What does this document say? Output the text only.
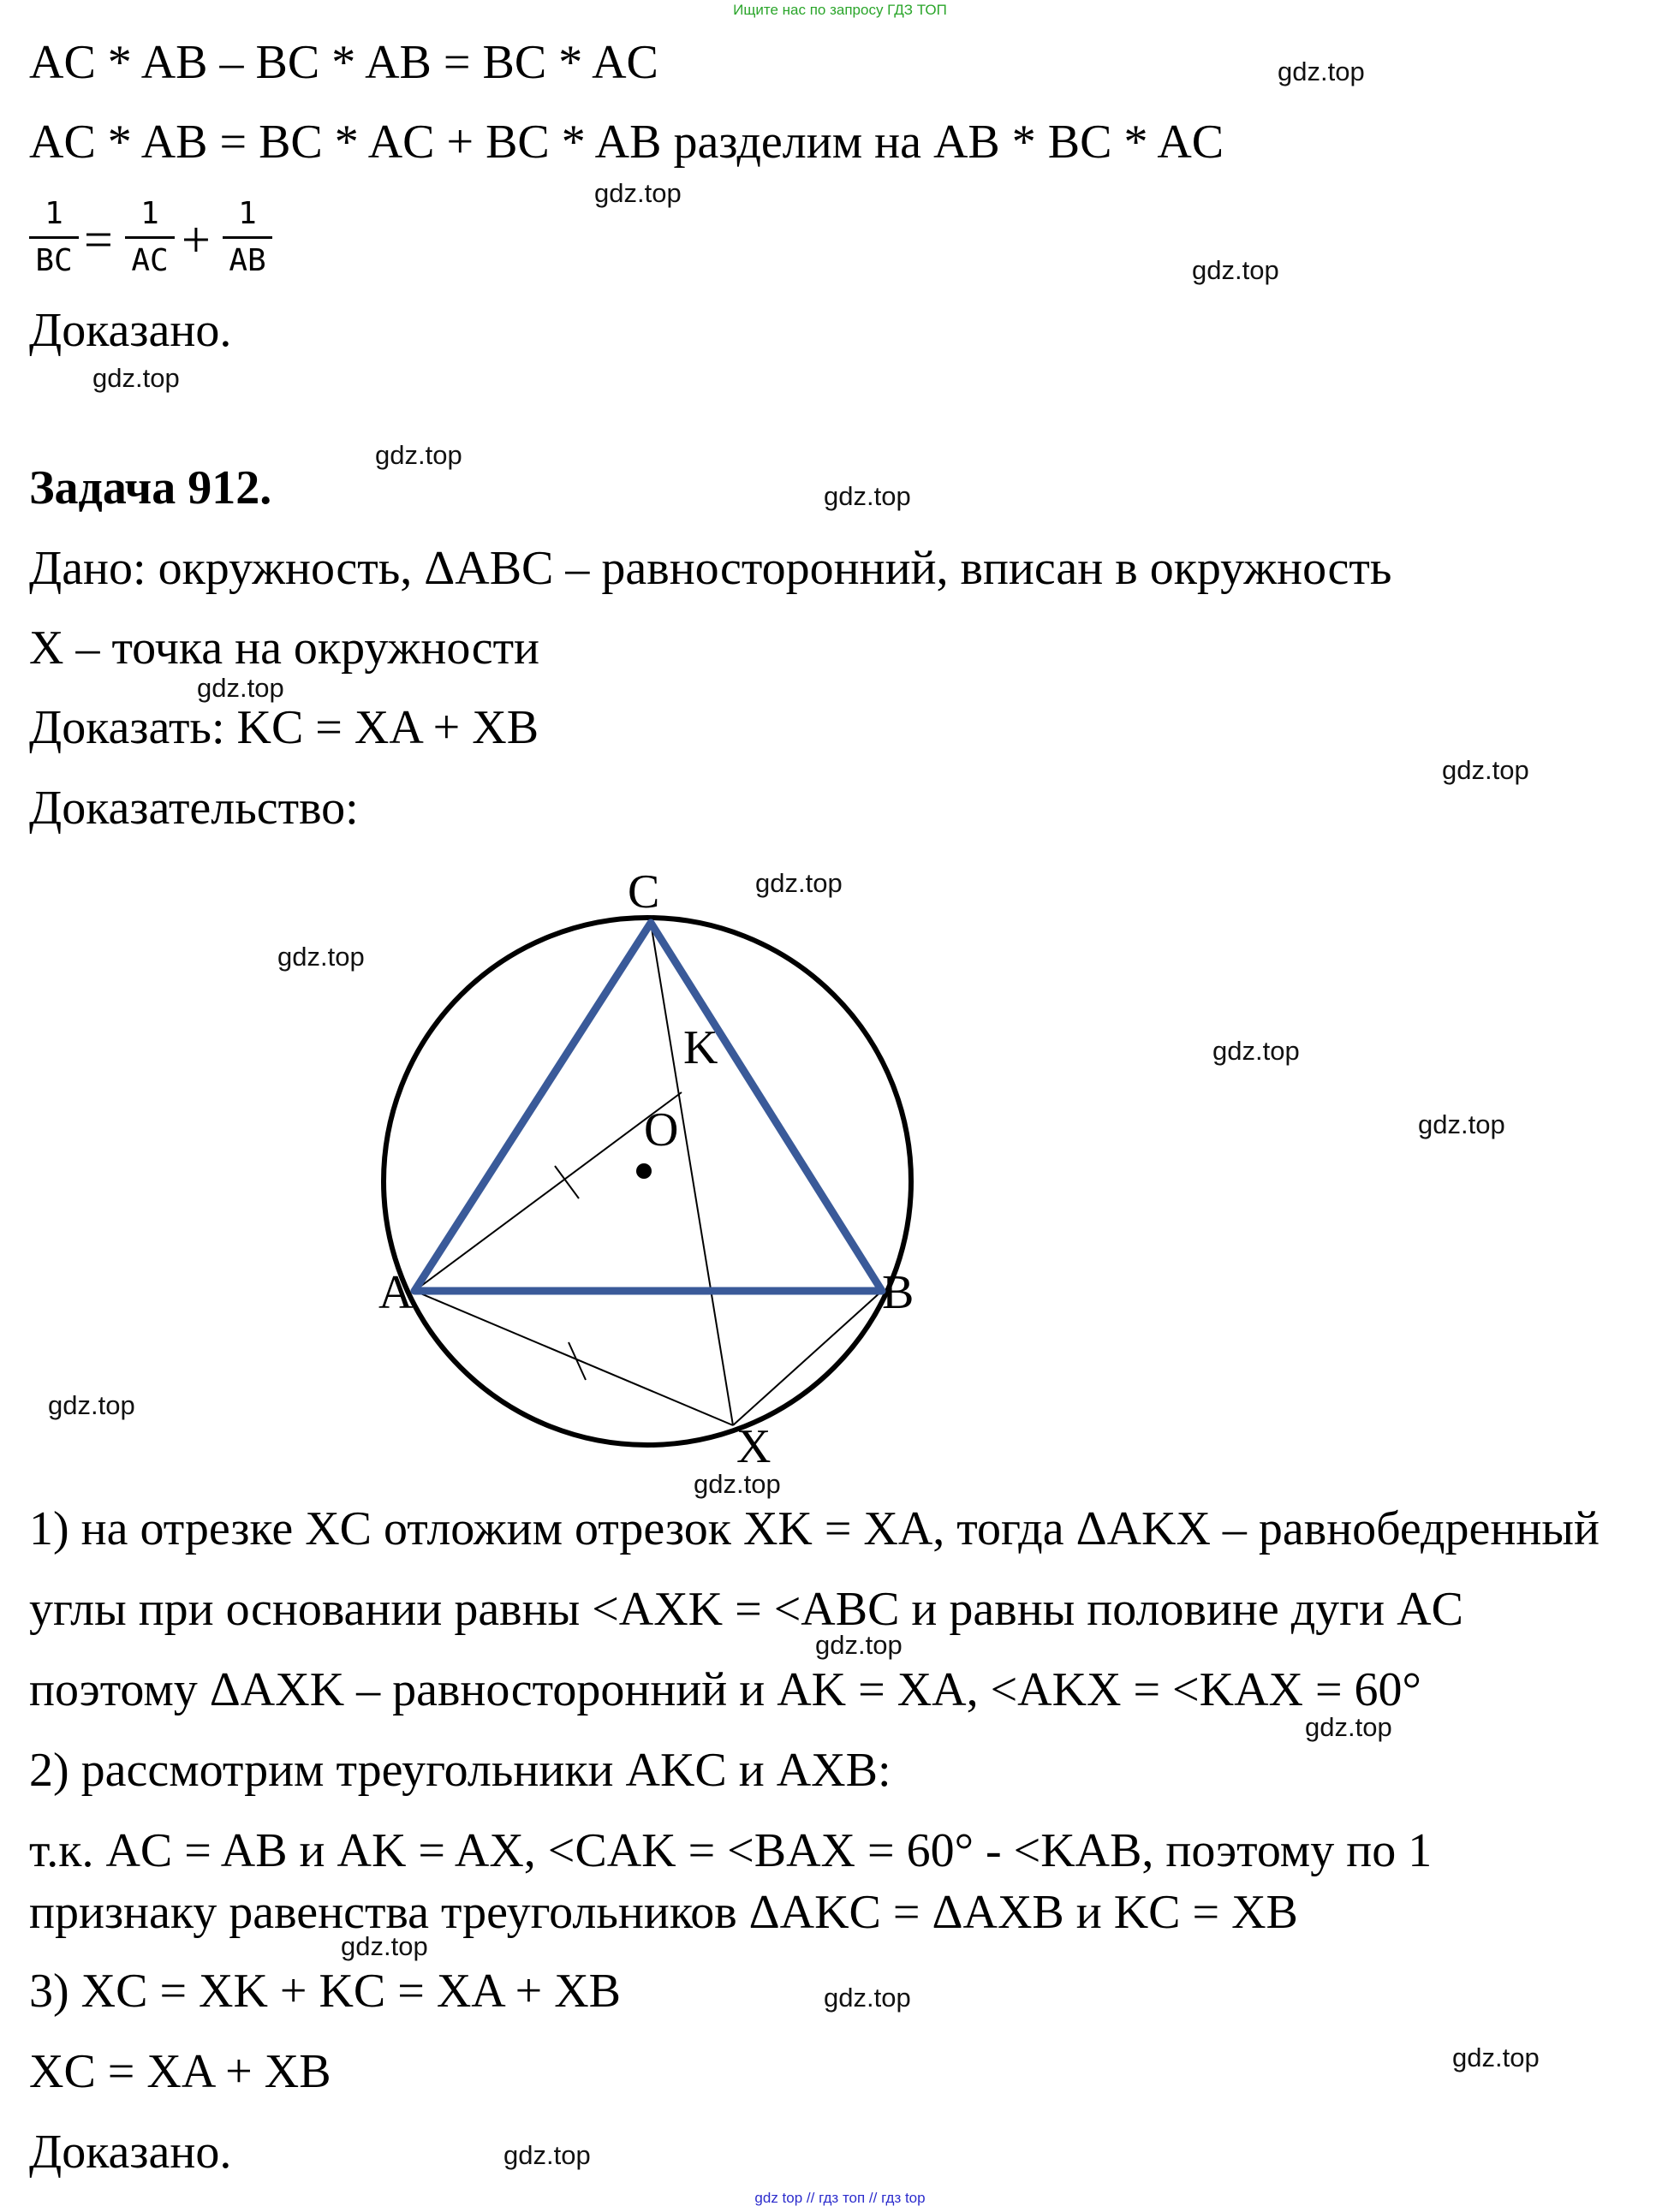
Ищите нас по запросу ГДЗ ТОП
gdz top // гдз топ // гдз top
AC * AB – BC * AB = BC * AC
AC * AB = BC * AC + BC * AB разделим на AB * BC * AC
1
BC = 1
AC + 1
AB
Доказано.
Задача 912.
Дано: окружность, ΔABC – равносторонний, вписан в окружность
X – точка на окружности
Доказать: KC = XA + XB
Доказательство:
C
K
O
A	B
X
1) на отрезке XC отложим отрезок XK = XA, тогда ΔAKX – равнобедренный
углы при основании равны <AXK = <ABC и равны половине дуги AC
поэтому ΔAXK – равносторонний и AK = XA, <AKX = <KAX = 60°
2) рассмотрим треугольники AKC и AXB:
т.к. AC = AB и AK = AX, <CAK = <BAX = 60° - <KAB, поэтому по 1
признаку равенства треугольников ΔAKC = ΔAXB и KC = XB
3) XC = XK + KC = XA + XB
XC = XA + XB
Доказано.
gdz.top
gdz.top
gdz.top
gdz.top
gdz.top
gdz.top
gdz.top
gdz.top
gdz.top
gdz.top
gdz.top
gdz.top
gdz.top
gdz.top
gdz.top
gdz.top
gdz.top
gdz.top
gdz.top
gdz.top
